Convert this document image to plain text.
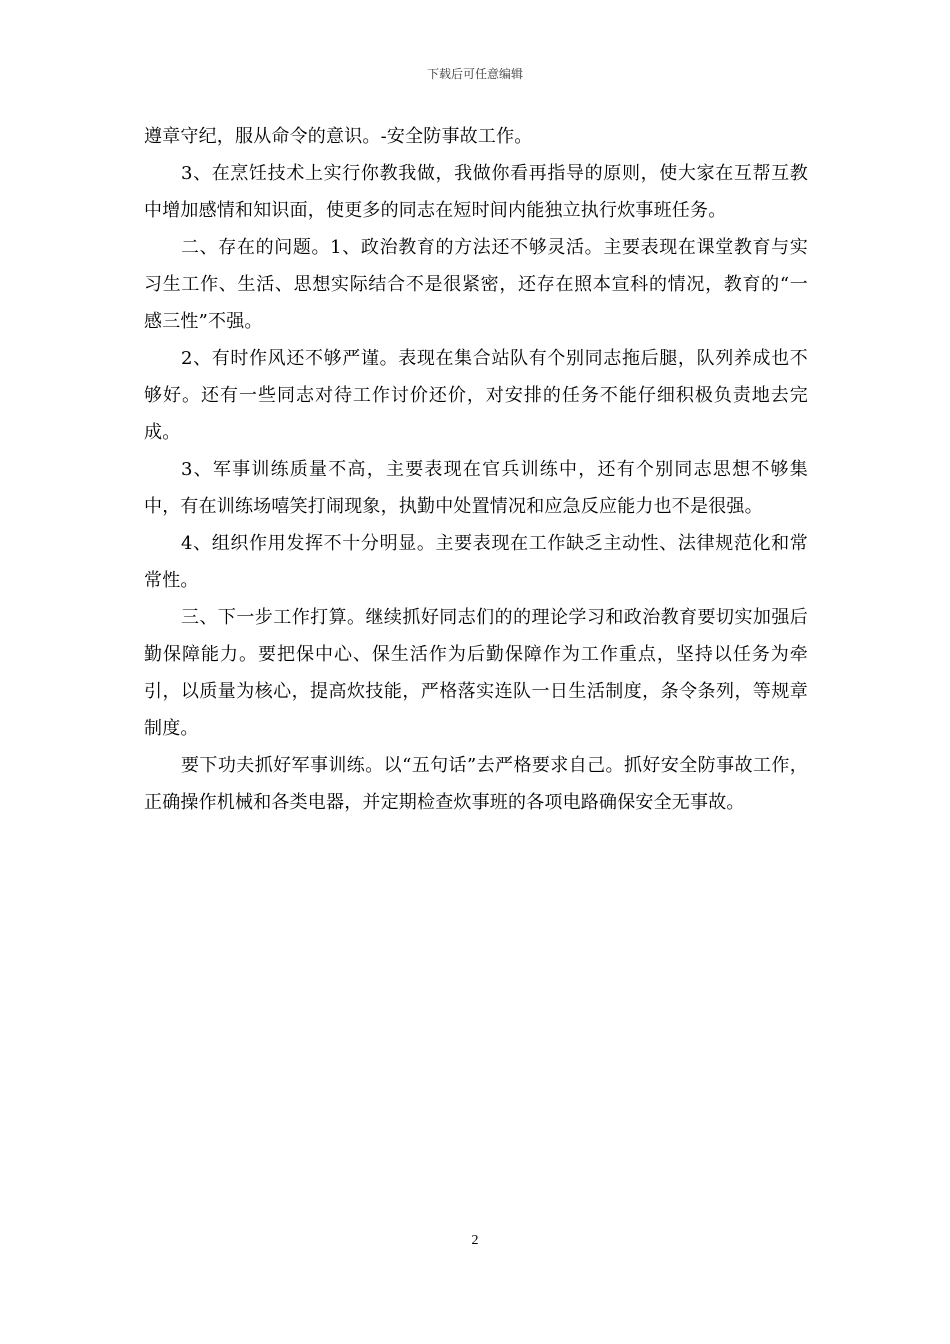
下载后可任意编辑

遵章守纪，服从命令的意识。-安全防事故工作。

3、在烹饪技术上实行你教我做，我做你看再指导的原则，使大家在互帮互教中增加感情和知识面，使更多的同志在短时间内能独立执行炊事班任务。

二、存在的问题。1、政治教育的方法还不够灵活。主要表现在课堂教育与实习生工作、生活、思想实际结合不是很紧密，还存在照本宣科的情况，教育的“一感三性”不强。

2、有时作风还不够严谨。表现在集合站队有个别同志拖后腿，队列养成也不够好。还有一些同志对待工作讨价还价，对安排的任务不能仔细积极负责地去完成。

3、军事训练质量不高，主要表现在官兵训练中，还有个别同志思想不够集中，有在训练场嘻笑打闹现象，执勤中处置情况和应急反应能力也不是很强。

4、组织作用发挥不十分明显。主要表现在工作缺乏主动性、法律规范化和常常性。

三、下一步工作打算。继续抓好同志们的的理论学习和政治教育要切实加强后勤保障能力。要把保中心、保生活作为后勤保障作为工作重点，坚持以任务为牵引，以质量为核心，提高炊技能，严格落实连队一日生活制度，条令条列，等规章制度。

要下功夫抓好军事训练。以“五句话”去严格要求自己。抓好安全防事故工作，正确操作机械和各类电器，并定期检查炊事班的各项电路确保安全无事故。

2
